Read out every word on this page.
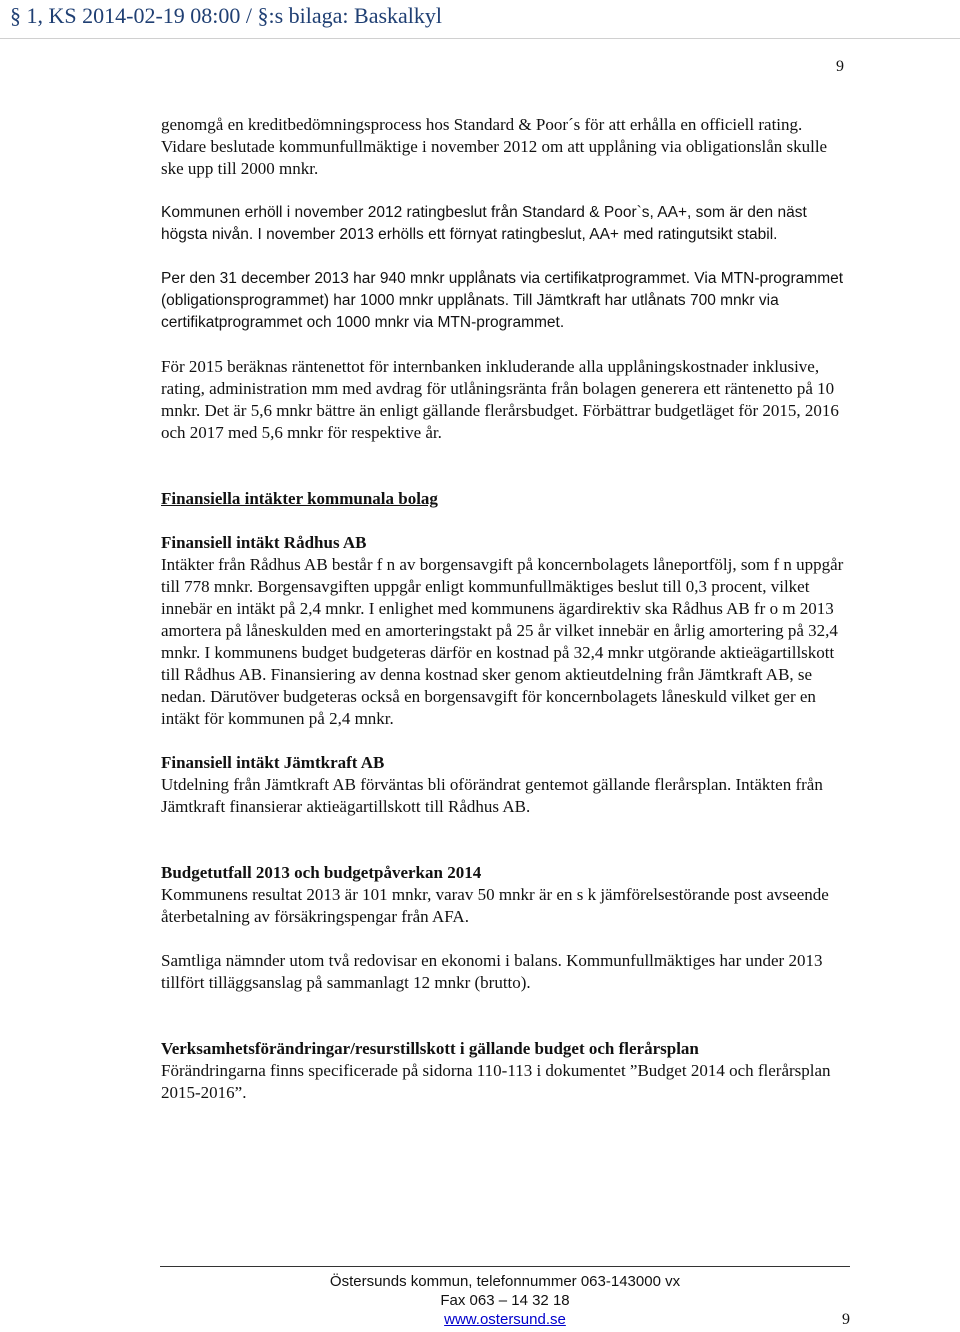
§ 1, KS 2014-02-19 08:00 / §:s bilaga: Baskalkyl
9

genomgå en kreditbedömningsprocess hos Standard & Poor´s för att erhålla en officiell rating. Vidare beslutade kommunfullmäktige i november 2012 om att upplåning via obligationslån skulle ske upp till 2000 mnkr.

Kommunen erhöll i november 2012 ratingbeslut från Standard & Poor`s, AA+, som är den näst högsta nivån. I november 2013 erhölls ett förnyat ratingbeslut, AA+ med ratingutsikt stabil.

Per den 31 december 2013 har 940 mnkr upplånats via certifikatprogrammet. Via MTN-programmet (obligationsprogrammet) har 1000 mnkr upplånats. Till Jämtkraft har utlånats 700 mnkr via certifikatprogrammet och 1000 mnkr via MTN-programmet.

För 2015 beräknas räntenettot för internbanken inkluderande alla upplåningskostnader inklusive, rating, administration mm med avdrag för utlåningsränta från bolagen generera ett räntenetto på 10 mnkr. Det är 5,6 mnkr bättre än enligt gällande flerårsbudget. Förbättrar budgetläget för 2015, 2016 och 2017 med 5,6 mnkr för respektive år.

Finansiella intäkter kommunala bolag

Finansiell intäkt Rådhus AB

Intäkter från Rådhus AB består f n av borgensavgift på koncernbolagets låneportfölj, som f n uppgår till 778 mnkr. Borgensavgiften uppgår enligt kommunfullmäktiges beslut till 0,3 procent, vilket innebär en intäkt på 2,4 mnkr. I enlighet med kommunens ägardirektiv ska Rådhus AB fr o m 2013 amortera på låneskulden med en amorteringstakt på 25 år vilket innebär en årlig amortering på 32,4 mnkr. I kommunens budget budgeteras därför en kostnad på 32,4 mnkr utgörande aktieägartillskott till Rådhus AB. Finansiering av denna kostnad sker genom aktieutdelning från Jämtkraft AB, se nedan. Därutöver budgeteras också en borgensavgift för koncernbolagets låneskuld vilket ger en intäkt för kommunen på 2,4 mnkr.

Finansiell intäkt Jämtkraft AB

Utdelning från Jämtkraft AB förväntas bli oförändrat gentemot gällande flerårsplan. Intäkten från Jämtkraft finansierar aktieägartillskott till Rådhus AB.

Budgetutfall 2013 och budgetpåverkan 2014

Kommunens resultat 2013 är 101 mnkr, varav 50 mnkr är en s k jämförelsestörande post avseende återbetalning av försäkringspengar från AFA.

Samtliga nämnder utom två redovisar en ekonomi i balans. Kommunfullmäktiges har under 2013 tillfört tilläggsanslag på sammanlagt 12 mnkr (brutto).

Verksamhetsförändringar/resurstillskott i gällande budget och flerårsplan

Förändringarna finns specificerade på sidorna 110-113 i dokumentet ”Budget 2014 och flerårsplan 2015-2016”.

Östersunds kommun, telefonnummer 063-143000 vx
Fax 063 – 14 32 18
www.ostersund.se	9
